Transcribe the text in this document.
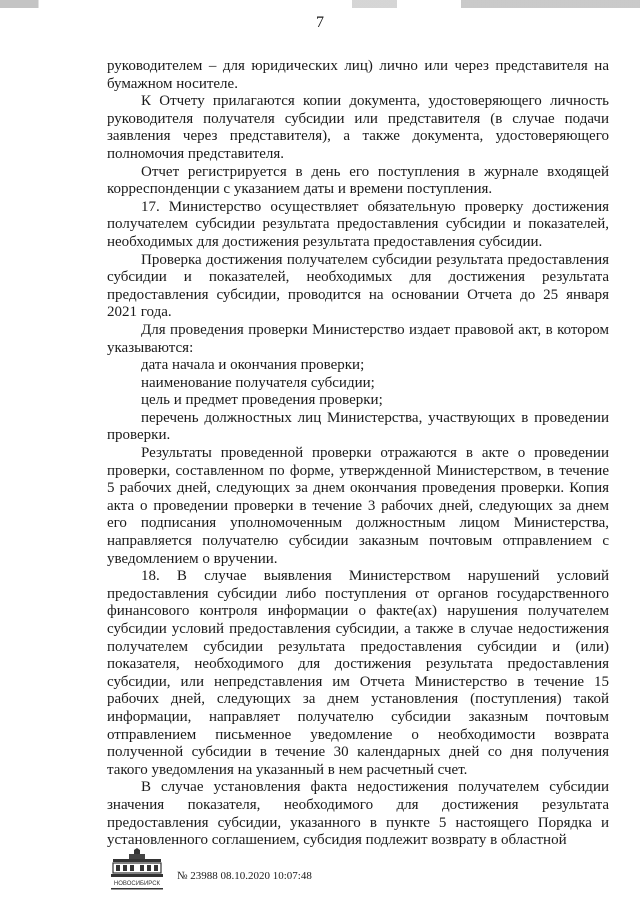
7

руководителем – для юридических лиц) лично или через представителя на бумажном носителе.

К Отчету прилагаются копии документа, удостоверяющего личность руководителя получателя субсидии или представителя (в случае подачи заявления через представителя), а также документа, удостоверяющего полномочия представителя.

Отчет регистрируется в день его поступления в журнале входящей корреспонденции с указанием даты и времени поступления.

17. Министерство осуществляет обязательную проверку достижения получателем субсидии результата предоставления субсидии и показателей, необходимых для достижения результата предоставления субсидии.

Проверка достижения получателем субсидии результата предоставления субсидии и показателей, необходимых для достижения результата предоставления субсидии, проводится на основании Отчета до 25 января 2021 года.

Для проведения проверки Министерство издает правовой акт, в котором указываются:

дата начала и окончания проверки;

наименование получателя субсидии;

цель и предмет проведения проверки;

перечень должностных лиц Министерства, участвующих в проведении проверки.

Результаты проведенной проверки отражаются в акте о проведении проверки, составленном по форме, утвержденной Министерством, в течение 5 рабочих дней, следующих за днем окончания проведения проверки. Копия акта о проведении проверки в течение 3 рабочих дней, следующих за днем его подписания уполномоченным должностным лицом Министерства, направляется получателю субсидии заказным почтовым отправлением с уведомлением о вручении.

18. В случае выявления Министерством нарушений условий предоставления субсидии либо поступления от органов государственного финансового контроля информации о факте(ах) нарушения получателем субсидии условий предоставления субсидии, а также в случае недостижения получателем субсидии результата предоставления субсидии и (или) показателя, необходимого для достижения результата предоставления субсидии, или непредставления им Отчета Министерство в течение 15 рабочих дней, следующих за днем установления (поступления) такой информации, направляет получателю субсидии заказным почтовым отправлением письменное уведомление о необходимости возврата полученной субсидии в течение 30 календарных дней со дня получения такого уведомления на указанный в нем расчетный счет.

В случае установления факта недостижения получателем субсидии значения показателя, необходимого для достижения результата предоставления субсидии, указанного в пункте 5 настоящего Порядка и установленного соглашением, субсидия подлежит возврату в областной

НОВОСИБИРСК
№ 23988 08.10.2020 10:07:48
